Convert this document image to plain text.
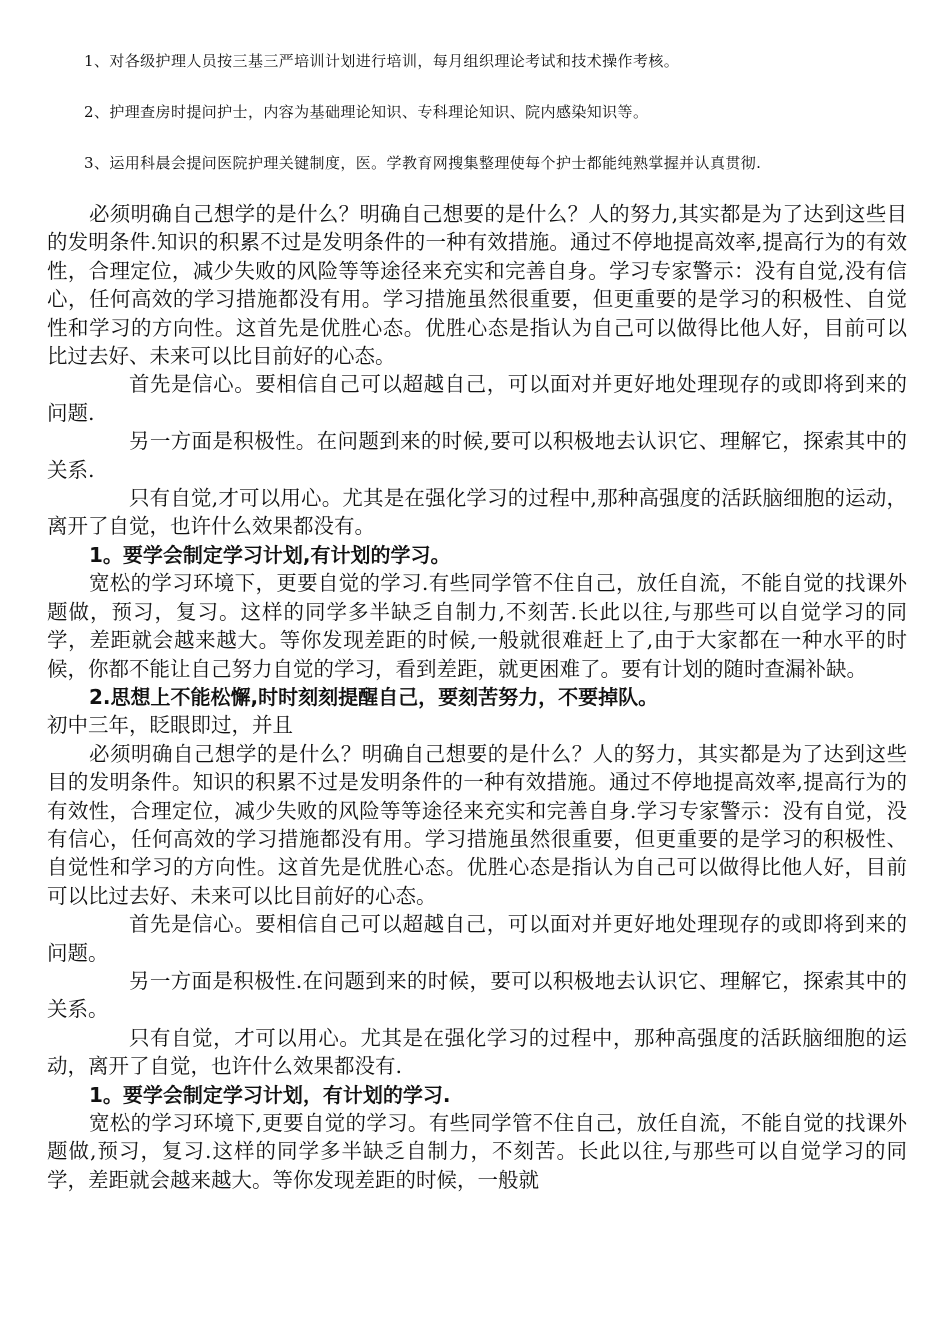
1、对各级护理人员按三基三严培训计划进行培训，每月组织理论考试和技术操作考核。
2、护理查房时提问护士，内容为基础理论知识、专科理论知识、院内感染知识等。
3、运用科晨会提问医院护理关键制度，医。学教育网搜集整理使每个护士都能纯熟掌握并认真贯彻.

必须明确自己想学的是什么？明确自己想要的是什么？人的努力,其实都是为了达到这些目的发明条件.知识的积累不过是发明条件的一种有效措施。通过不停地提高效率,提高行为的有效性，合理定位，减少失败的风险等等途径来充实和完善自身。学习专家警示：没有自觉,没有信心，任何高效的学习措施都没有用。学习措施虽然很重要，但更重要的是学习的积极性、自觉性和学习的方向性。这首先是优胜心态。优胜心态是指认为自己可以做得比他人好，目前可以比过去好、未来可以比目前好的心态。

首先是信心。要相信自己可以超越自己，可以面对并更好地处理现存的或即将到来的问题.

另一方面是积极性。在问题到来的时候,要可以积极地去认识它、理解它，探索其中的关系.

只有自觉,才可以用心。尤其是在强化学习的过程中,那种高强度的活跃脑细胞的运动，离开了自觉，也许什么效果都没有。

1。要学会制定学习计划,有计划的学习。

宽松的学习环境下，更要自觉的学习.有些同学管不住自己，放任自流，不能自觉的找课外题做，预习，复习。这样的同学多半缺乏自制力,不刻苦.长此以往,与那些可以自觉学习的同学，差距就会越来越大。等你发现差距的时候,一般就很难赶上了,由于大家都在一种水平的时候，你都不能让自己努力自觉的学习，看到差距，就更困难了。要有计划的随时查漏补缺。

2.思想上不能松懈,时时刻刻提醒自己，要刻苦努力，不要掉队。

初中三年，眨眼即过，并且

必须明确自己想学的是什么？明确自己想要的是什么？人的努力，其实都是为了达到这些目的发明条件。知识的积累不过是发明条件的一种有效措施。通过不停地提高效率,提高行为的有效性，合理定位，减少失败的风险等等途径来充实和完善自身.学习专家警示：没有自觉，没有信心，任何高效的学习措施都没有用。学习措施虽然很重要，但更重要的是学习的积极性、自觉性和学习的方向性。这首先是优胜心态。优胜心态是指认为自己可以做得比他人好，目前可以比过去好、未来可以比目前好的心态。

首先是信心。要相信自己可以超越自己，可以面对并更好地处理现存的或即将到来的问题。

另一方面是积极性.在问题到来的时候，要可以积极地去认识它、理解它，探索其中的关系。

只有自觉，才可以用心。尤其是在强化学习的过程中，那种高强度的活跃脑细胞的运动，离开了自觉，也许什么效果都没有.

1。要学会制定学习计划，有计划的学习.

宽松的学习环境下,更要自觉的学习。有些同学管不住自己，放任自流，不能自觉的找课外题做,预习，复习.这样的同学多半缺乏自制力，不刻苦。长此以往,与那些可以自觉学习的同学，差距就会越来越大。等你发现差距的时候，一般就
